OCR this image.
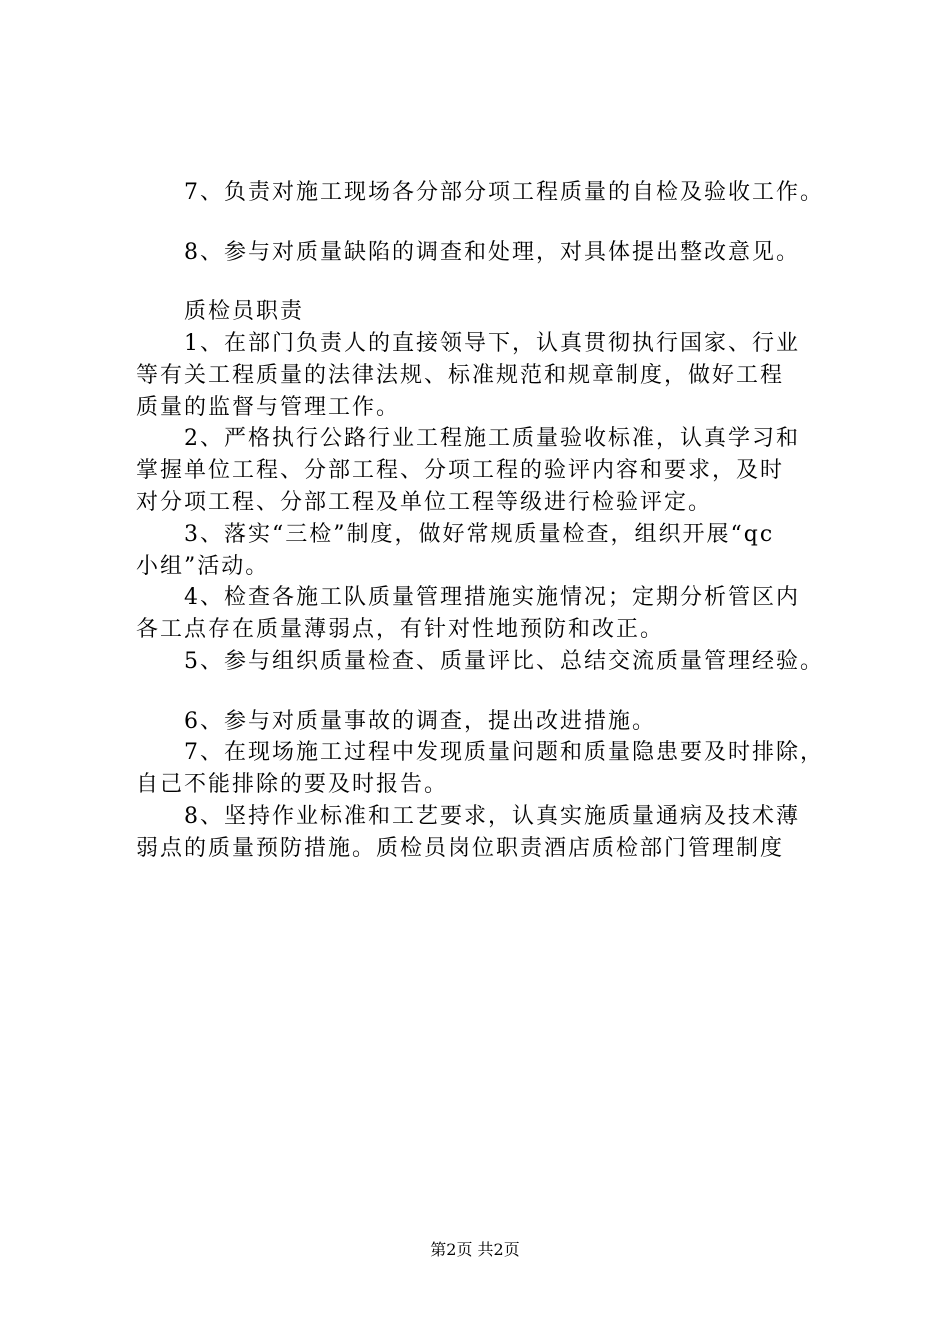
　　7、负责对施工现场各分部分项工程质量的自检及验收工作。
　　8、参与对质量缺陷的调查和处理，对具体提出整改意见。
　　质检员职责
　　1、在部门负责人的直接领导下，认真贯彻执行国家、行业
等有关工程质量的法律法规、标准规范和规章制度，做好工程
质量的监督与管理工作。
　　2、严格执行公路行业工程施工质量验收标准，认真学习和
掌握单位工程、分部工程、分项工程的验评内容和要求，及时
对分项工程、分部工程及单位工程等级进行检验评定。
　　3、落实“三检”制度，做好常规质量检查，组织开展“qc
小组”活动。
　　4、检查各施工队质量管理措施实施情况；定期分析管区内
各工点存在质量薄弱点，有针对性地预防和改正。
　　5、参与组织质量检查、质量评比、总结交流质量管理经验。
　　6、参与对质量事故的调查，提出改进措施。
　　7、在现场施工过程中发现质量问题和质量隐患要及时排除，
自己不能排除的要及时报告。
　　8、坚持作业标准和工艺要求，认真实施质量通病及技术薄
弱点的质量预防措施。质检员岗位职责酒店质检部门管理制度
第2页 共2页
